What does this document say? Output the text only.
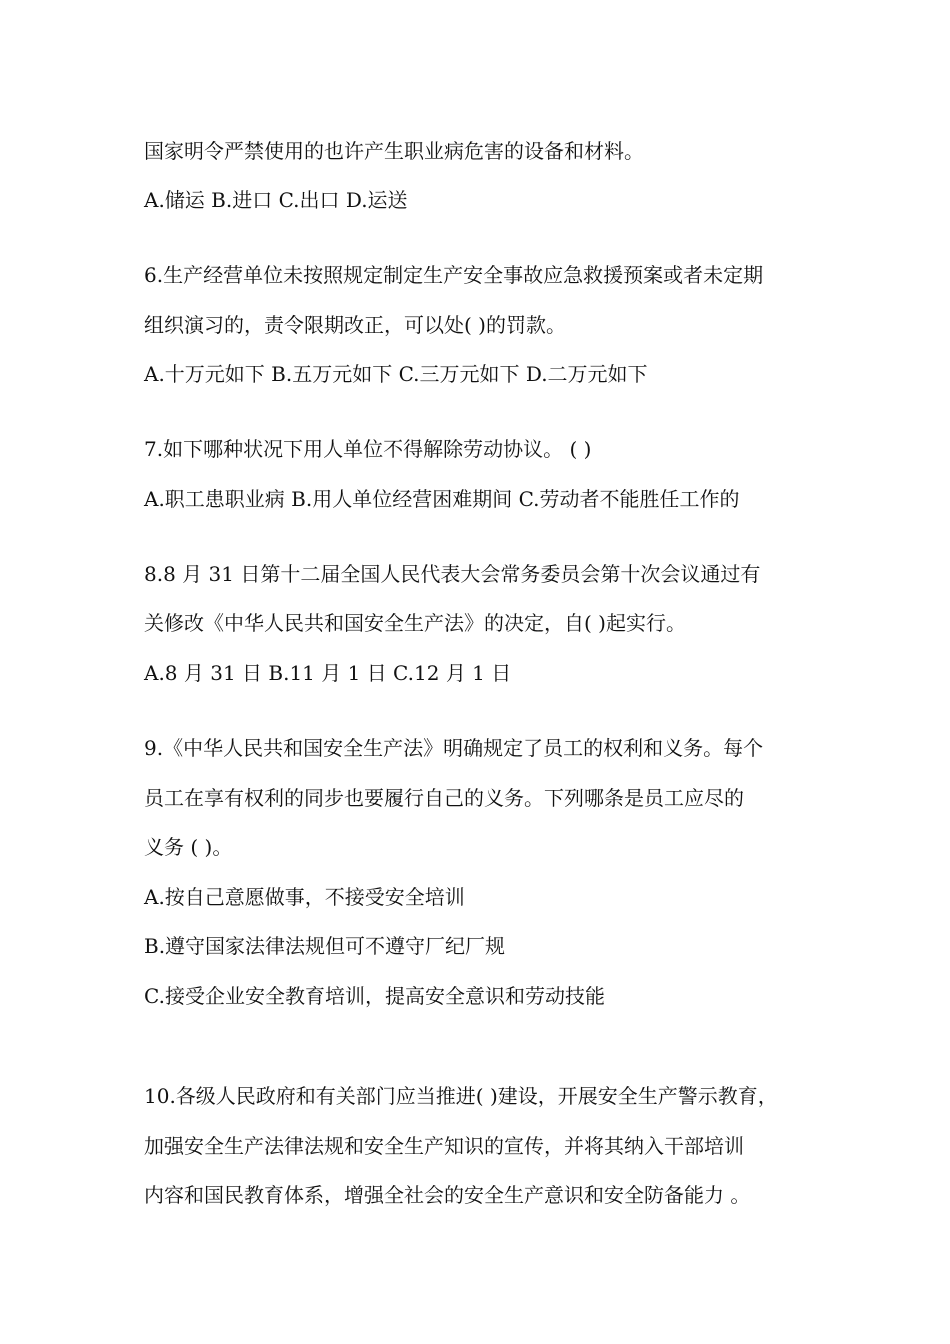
国家明令严禁使用的也许产生职业病危害的设备和材料。
A.储运 B.进口 C.出口 D.运送
6.生产经营单位未按照规定制定生产安全事故应急救援预案或者未定期
组织演习的，责令限期改正，可以处( )的罚款。
A.十万元如下 B.五万元如下 C.三万元如下 D.二万元如下
7.如下哪种状况下用人单位不得解除劳动协议。 ( )
A.职工患职业病 B.用人单位经营困难期间 C.劳动者不能胜任工作的
8.8 月 31 日第十二届全国人民代表大会常务委员会第十次会议通过有
关修改《中华人民共和国安全生产法》的决定，自( )起实行。
A.8 月 31 日 B.11 月 1 日 C.12 月 1 日
9.《中华人民共和国安全生产法》明确规定了员工的权利和义务。每个
员工在享有权利的同步也要履行自己的义务。下列哪条是员工应尽的
义务 ( )。
A.按自己意愿做事，不接受安全培训
B.遵守国家法律法规但可不遵守厂纪厂规
C.接受企业安全教育培训，提高安全意识和劳动技能
10.各级人民政府和有关部门应当推进( )建设，开展安全生产警示教育，
加强安全生产法律法规和安全生产知识的宣传，并将其纳入干部培训
内容和国民教育体系，增强全社会的安全生产意识和安全防备能力 。
